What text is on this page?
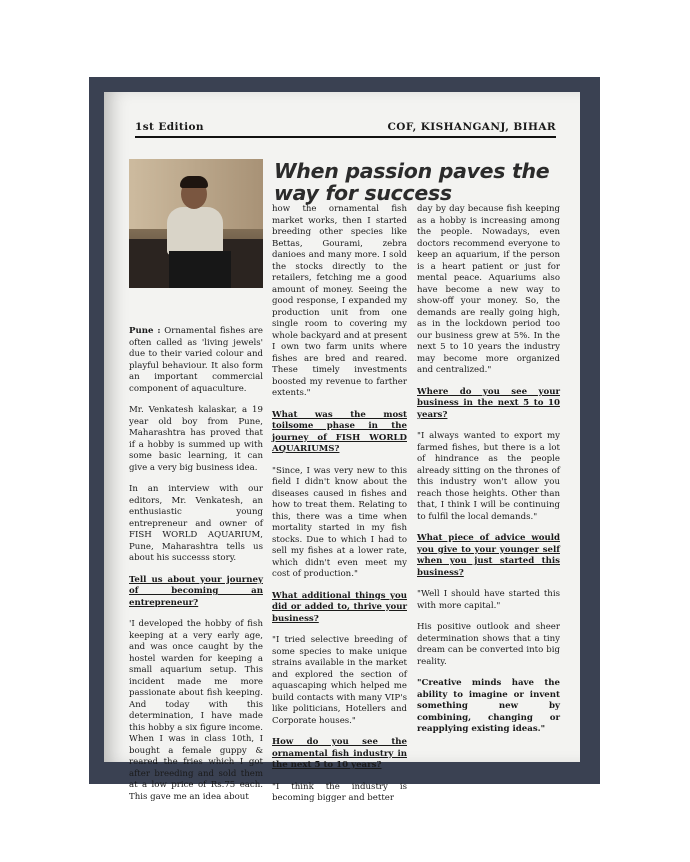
1st Edition	COF, KISHANGANJ, BIHAR
When passion paves the way for success

Pune : Ornamental fishes are often called as 'living jewels' due to their varied colour and playful behaviour. It also form an important commercial component of aquaculture.

Mr. Venkatesh kalaskar, a 19 year old boy from Pune, Maharashtra has proved that if a hobby is summed up with some basic learning, it can give a very big business idea.

In an interview with our editors, Mr. Venkatesh, an enthusiastic young entrepreneur and owner of FISH WORLD AQUARIUM, Pune, Maharashtra tells us about his successs story.

Tell us about your journey of becoming an entrepreneur?

'I developed the hobby of fish keeping at a very early age, and was once caught by the hostel warden for keeping a small aquarium setup. This incident made me more passionate about fish keeping. And today with this determination, I have made this hobby a six figure income. When I was in class 10th, I bought a female guppy & reared the fries which I got after breeding and sold them at a low price of Rs.75 each. This gave me an idea about

how the ornamental fish market works, then I started breeding other species like Bettas, Gourami, zebra danioes and many more. I sold the stocks directly to the retailers, fetching me a good amount of money. Seeing the good response, I expanded my production unit from one single room to covering my whole backyard and at present I own two farm units where fishes are bred and reared. These timely investments boosted my revenue to farther extents."

What was the most toilsome phase in the journey of FISH WORLD AQUARIUMS?

"Since, I was very new to this field I didn't know about the diseases caused in fishes and how to treat them. Relating to this, there was a time when mortality started in my fish stocks. Due to which I had to sell my fishes at a lower rate, which didn't even meet my cost of production."

What additional things you did or added to, thrive your business?

"I tried selective breeding of some species to make unique strains available in the market and explored the section of aquascaping which helped me build contacts with many VIP's like politicians, Hotellers and Corporate houses."

How do you see the ornamental fish industry in the next 5 to 10 years?

"I think the industry is becoming bigger and better

day by day because fish keeping as a hobby is increasing among the people. Nowadays, even doctors recommend everyone to keep an aquarium, if the person is a heart patient or just for mental peace. Aquariums also have become a new way to show-off your money. So, the demands are really going high, as in the lockdown period too our business grew at 5%. In the next 5 to 10 years the industry may become more organized and centralized."

Where do you see your business in the next 5 to 10 years?

"I always wanted to export my farmed fishes, but there is a lot of hindrance as the people already sitting on the thrones of this industry won't allow you reach those heights. Other than that, I think I will be continuing to fulfil the local demands."

What piece of advice would you give to your younger self when you just started this business?

"Well I should have started this with more capital."

His positive outlook and sheer determination shows that a tiny dream can be converted into big reality.

"Creative minds have the ability to imagine or invent something new by combining, changing or reapplying existing ideas."
